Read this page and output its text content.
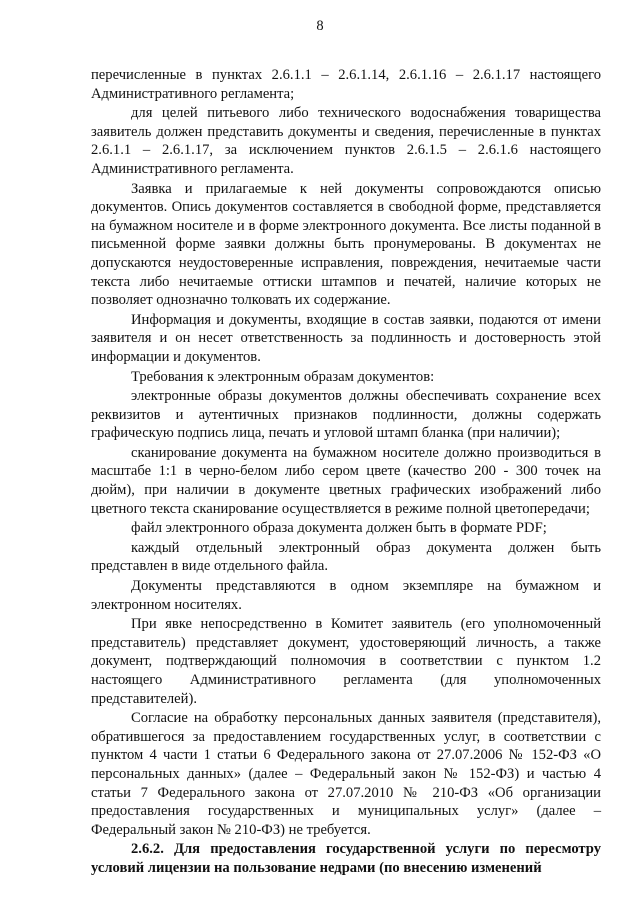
8

перечисленные в пунктах 2.6.1.1 – 2.6.1.14, 2.6.1.16 – 2.6.1.17 настоящего Административного регламента;

для целей питьевого либо технического водоснабжения товарищества заявитель должен представить документы и сведения, перечисленные в пунктах 2.6.1.1 – 2.6.1.17, за исключением пунктов 2.6.1.5 – 2.6.1.6 настоящего Административного регламента.

Заявка и прилагаемые к ней документы сопровождаются описью документов. Опись документов составляется в свободной форме, представляется на бумажном носителе и в форме электронного документа. Все листы поданной в письменной форме заявки должны быть пронумерованы. В документах не допускаются неудостоверенные исправления, повреждения, нечитаемые части текста либо нечитаемые оттиски штампов и печатей, наличие которых не позволяет однозначно толковать их содержание.

Информация и документы, входящие в состав заявки, подаются от имени заявителя и он несет ответственность за подлинность и достоверность этой информации и документов.

Требования к электронным образам документов:

электронные образы документов должны обеспечивать сохранение всех реквизитов и аутентичных признаков подлинности, должны содержать графическую подпись лица, печать и угловой штамп бланка (при наличии);

сканирование документа на бумажном носителе должно производиться в масштабе 1:1 в черно-белом либо сером цвете (качество 200 - 300 точек на дюйм), при наличии в документе цветных графических изображений либо цветного текста сканирование осуществляется в режиме полной цветопередачи;

файл электронного образа документа должен быть в формате PDF;

каждый отдельный электронный образ документа должен быть представлен в виде отдельного файла.

Документы представляются в одном экземпляре на бумажном и электронном носителях.

При явке непосредственно в Комитет заявитель (его уполномоченный представитель) представляет документ, удостоверяющий личность, а также документ, подтверждающий полномочия в соответствии с пунктом 1.2 настоящего Административного регламента (для уполномоченных представителей).

Согласие на обработку персональных данных заявителя (представителя), обратившегося за предоставлением государственных услуг, в соответствии с пунктом 4 части 1 статьи 6 Федерального закона от 27.07.2006 № 152-ФЗ «О персональных данных» (далее – Федеральный закон № 152-ФЗ) и частью 4 статьи 7 Федерального закона от 27.07.2010 № 210-ФЗ «Об организации предоставления государственных и муниципальных услуг» (далее – Федеральный закон № 210-ФЗ) не требуется.

2.6.2. Для предоставления государственной услуги по пересмотру условий лицензии на пользование недрами (по внесению изменений
